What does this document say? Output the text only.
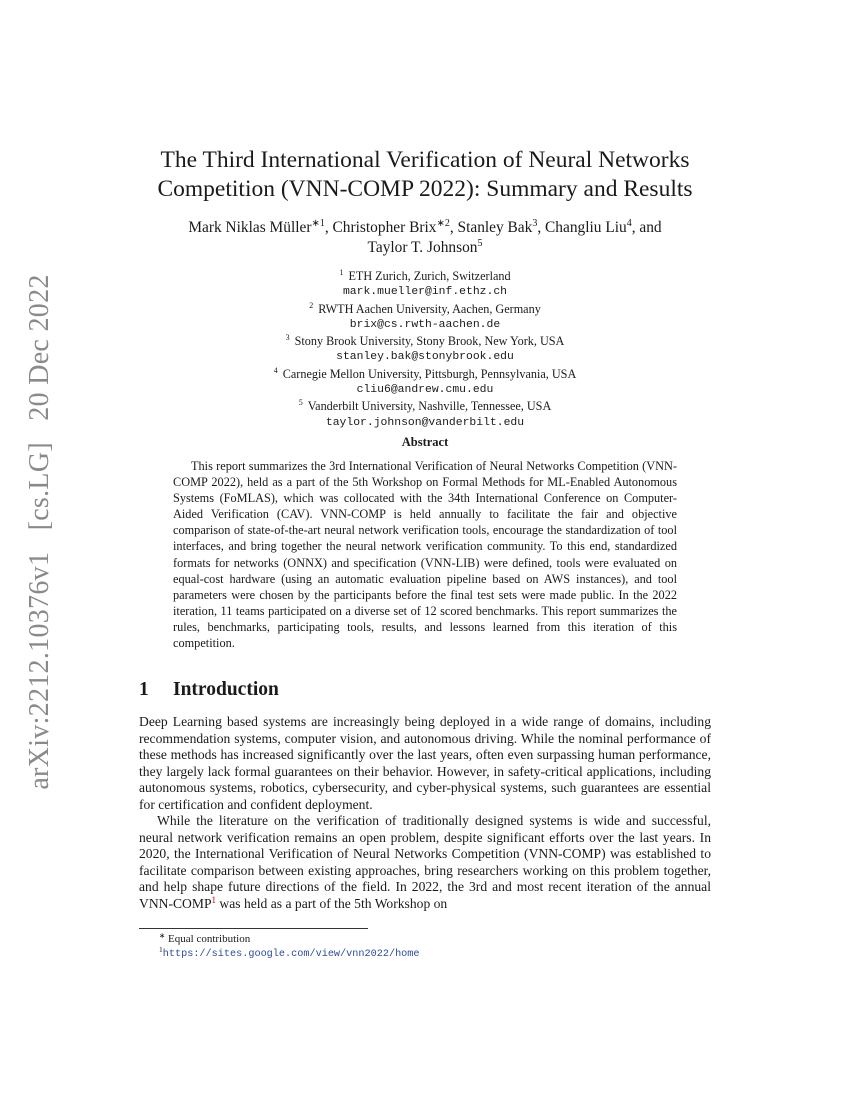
arXiv:2212.10376v1 [cs.LG] 20 Dec 2022
The Third International Verification of Neural Networks
Competition (VNN-COMP 2022): Summary and Results
Mark Niklas Müller$^{∗1}$, Christopher Brix$^{∗2}$, Stanley Bak$^3$, Changliu Liu$^4$, and
Taylor T. Johnson$^5$
$^1$ ETH Zurich, Zurich, Switzerland
mark.mueller@inf.ethz.ch
$^2$ RWTH Aachen University, Aachen, Germany
brix@cs.rwth-aachen.de
$^3$ Stony Brook University, Stony Brook, New York, USA
stanley.bak@stonybrook.edu
$^4$ Carnegie Mellon University, Pittsburgh, Pennsylvania, USA
cliu6@andrew.cmu.edu
$^5$ Vanderbilt University, Nashville, Tennessee, USA
taylor.johnson@vanderbilt.edu
Abstract
This report summarizes the 3rd International Verification of Neural Networks Competition (VNN-COMP 2022), held as a part of the 5th Workshop on Formal Methods for ML-Enabled Autonomous Systems (FoMLAS), which was collocated with the 34th International Conference on Computer-Aided Verification (CAV). VNN-COMP is held annually to facilitate the fair and objective comparison of state-of-the-art neural network verification tools, encourage the standardization of tool interfaces, and bring together the neural network verification community. To this end, standardized formats for networks (ONNX) and specification (VNN-LIB) were defined, tools were evaluated on equal-cost hardware (using an automatic evaluation pipeline based on AWS instances), and tool parameters were chosen by the participants before the final test sets were made public. In the 2022 iteration, 11 teams participated on a diverse set of 12 scored benchmarks. This report summarizes the rules, benchmarks, participating tools, results, and lessons learned from this iteration of this competition.
1 Introduction

Deep Learning based systems are increasingly being deployed in a wide range of domains, including recommendation systems, computer vision, and autonomous driving. While the nominal performance of these methods has increased significantly over the last years, often even surpassing human performance, they largely lack formal guarantees on their behavior. However, in safety-critical applications, including autonomous systems, robotics, cybersecurity, and cyber-physical systems, such guarantees are essential for certification and confident deployment.

While the literature on the verification of traditionally designed systems is wide and successful, neural network verification remains an open problem, despite significant efforts over the last years. In 2020, the International Verification of Neural Networks Competition (VNN-COMP) was established to facilitate comparison between existing approaches, bring researchers working on this problem together, and help shape future directions of the field. In 2022, the 3rd and most recent iteration of the annual VNN-COMP$^1$ was held as a part of the 5th Workshop on

∗ Equal contribution
$^1$https://sites.google.com/view/vnn2022/home
